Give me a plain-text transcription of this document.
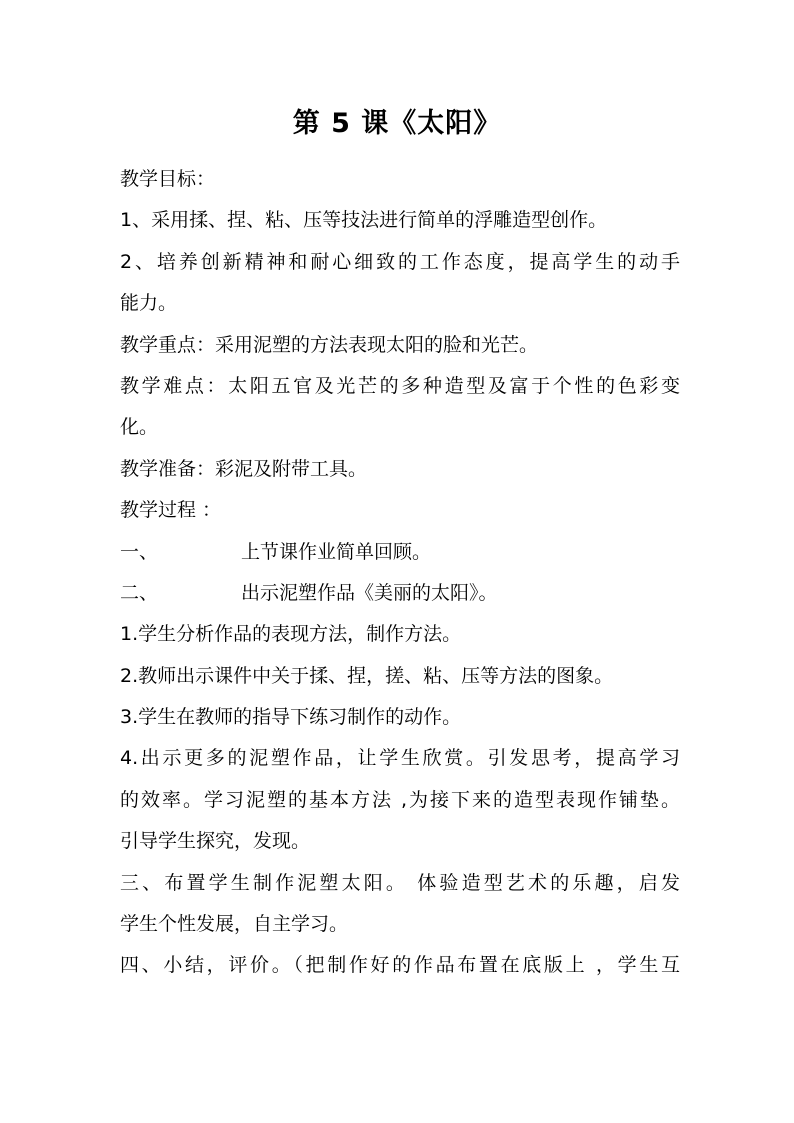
第 5 课《太阳》
教学目标：
1、采用揉、捏、粘、压等技法进行简单的浮雕造型创作。
2、培养创新精神和耐心细致的工作态度，提高学生的动手
能力。
教学重点：采用泥塑的方法表现太阳的脸和光芒。
教学难点：太阳五官及光芒的多种造型及富于个性的色彩变
化。
教学准备：彩泥及附带工具。
教学过程 ：
一、	上节课作业简单回顾。
二、	出示泥塑作品《美丽的太阳》。
1.学生分析作品的表现方法，制作方法。
2.教师出示课件中关于揉、捏，搓、粘、压等方法的图象。
3.学生在教师的指导下练习制作的动作。
4.出示更多的泥塑作品，让学生欣赏。引发思考，提高学习
的效率。学习泥塑的基本方法 ,为接下来的造型表现作铺垫。
引导学生探究，发现。
三、布置学生制作泥塑太阳。 体验造型艺术的乐趣，启发
学生个性发展，自主学习。
四、小结，评价。（把制作好的作品布置在底版上 ，学生互
